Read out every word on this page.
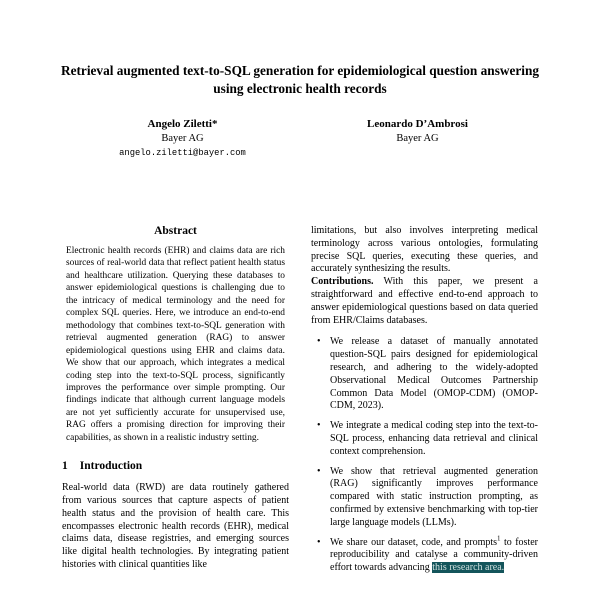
Retrieval augmented text-to-SQL generation for epidemiological question answering using electronic health records
Angelo Ziletti*
Bayer AG
angelo.ziletti@bayer.com
Leonardo D’Ambrosi
Bayer AG
Abstract

Electronic health records (EHR) and claims data are rich sources of real-world data that reflect patient health status and healthcare utilization. Querying these databases to answer epidemiological questions is challenging due to the intricacy of medical terminology and the need for complex SQL queries. Here, we introduce an end-to-end methodology that combines text-to-SQL generation with retrieval augmented generation (RAG) to answer epidemiological questions using EHR and claims data. We show that our approach, which integrates a medical coding step into the text-to-SQL process, significantly improves the performance over simple prompting. Our findings indicate that although current language models are not yet sufficiently accurate for unsupervised use, RAG offers a promising direction for improving their capabilities, as shown in a realistic industry setting.

1 Introduction

Real-world data (RWD) are data routinely gathered from various sources that capture aspects of patient health status and the provision of health care. This encompasses electronic health records (EHR), medical claims data, disease registries, and emerging sources like digital health technologies. By integrating patient histories with clinical quantities like

limitations, but also involves interpreting medical terminology across various ontologies, formulating precise SQL queries, executing these queries, and accurately synthesizing the results.

Contributions. With this paper, we present a straightforward and effective end-to-end approach to answer epidemiological questions based on data queried from EHR/Claims databases.

• We release a dataset of manually annotated question-SQL pairs designed for epidemiological research, and adhering to the widely-adopted Observational Medical Outcomes Partnership Common Data Model (OMOP-CDM) (OMOP-CDM, 2023).
• We integrate a medical coding step into the text-to-SQL process, enhancing data retrieval and clinical context comprehension.
• We show that retrieval augmented generation (RAG) significantly improves performance compared with static instruction prompting, as confirmed by extensive benchmarking with top-tier large language models (LLMs).
• We share our dataset, code, and prompts$^1$ to foster reproducibility and catalyse a community-driven effort towards advancing this research area.
